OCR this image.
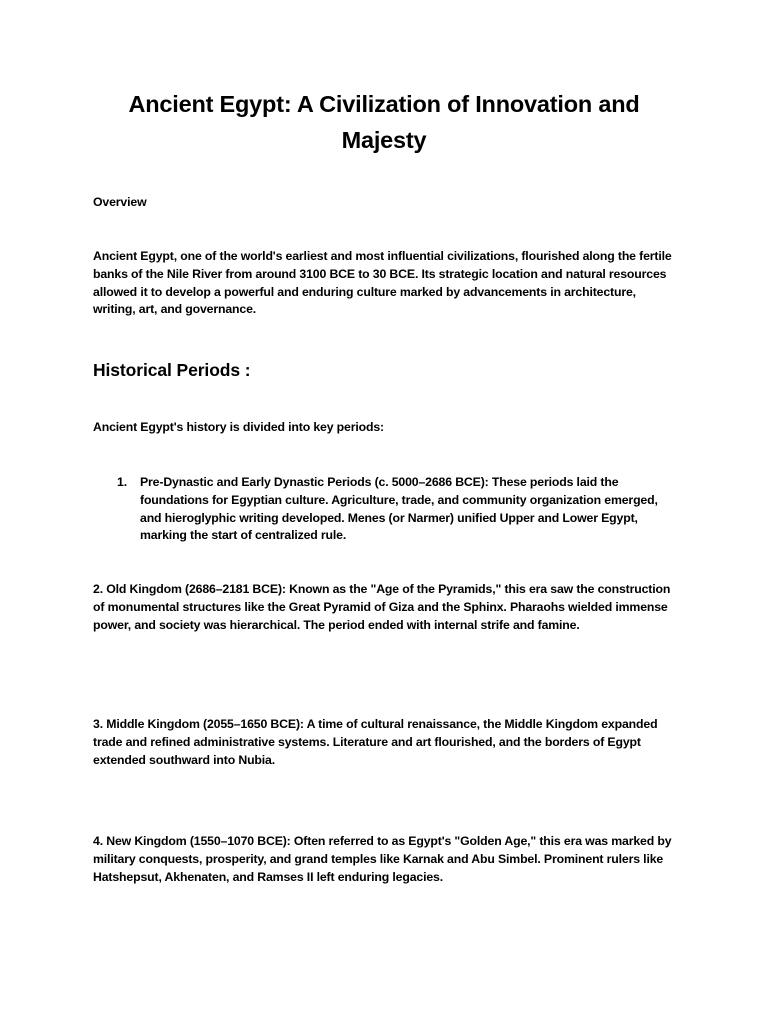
Ancient Egypt: A Civilization of Innovation and Majesty

Overview

Ancient Egypt, one of the world's earliest and most influential civilizations, flourished along the fertile banks of the Nile River from around 3100 BCE to 30 BCE. Its strategic location and natural resources allowed it to develop a powerful and enduring culture marked by advancements in architecture, writing, art, and governance.

Historical Periods :

Ancient Egypt's history is divided into key periods:

1. Pre-Dynastic and Early Dynastic Periods (c. 5000–2686 BCE): These periods laid the foundations for Egyptian culture. Agriculture, trade, and community organization emerged, and hieroglyphic writing developed. Menes (or Narmer) unified Upper and Lower Egypt, marking the start of centralized rule.

2. Old Kingdom (2686–2181 BCE): Known as the "Age of the Pyramids," this era saw the construction of monumental structures like the Great Pyramid of Giza and the Sphinx. Pharaohs wielded immense power, and society was hierarchical. The period ended with internal strife and famine.

3. Middle Kingdom (2055–1650 BCE): A time of cultural renaissance, the Middle Kingdom expanded trade and refined administrative systems. Literature and art flourished, and the borders of Egypt extended southward into Nubia.

4. New Kingdom (1550–1070 BCE): Often referred to as Egypt's "Golden Age," this era was marked by military conquests, prosperity, and grand temples like Karnak and Abu Simbel. Prominent rulers like Hatshepsut, Akhenaten, and Ramses II left enduring legacies.
